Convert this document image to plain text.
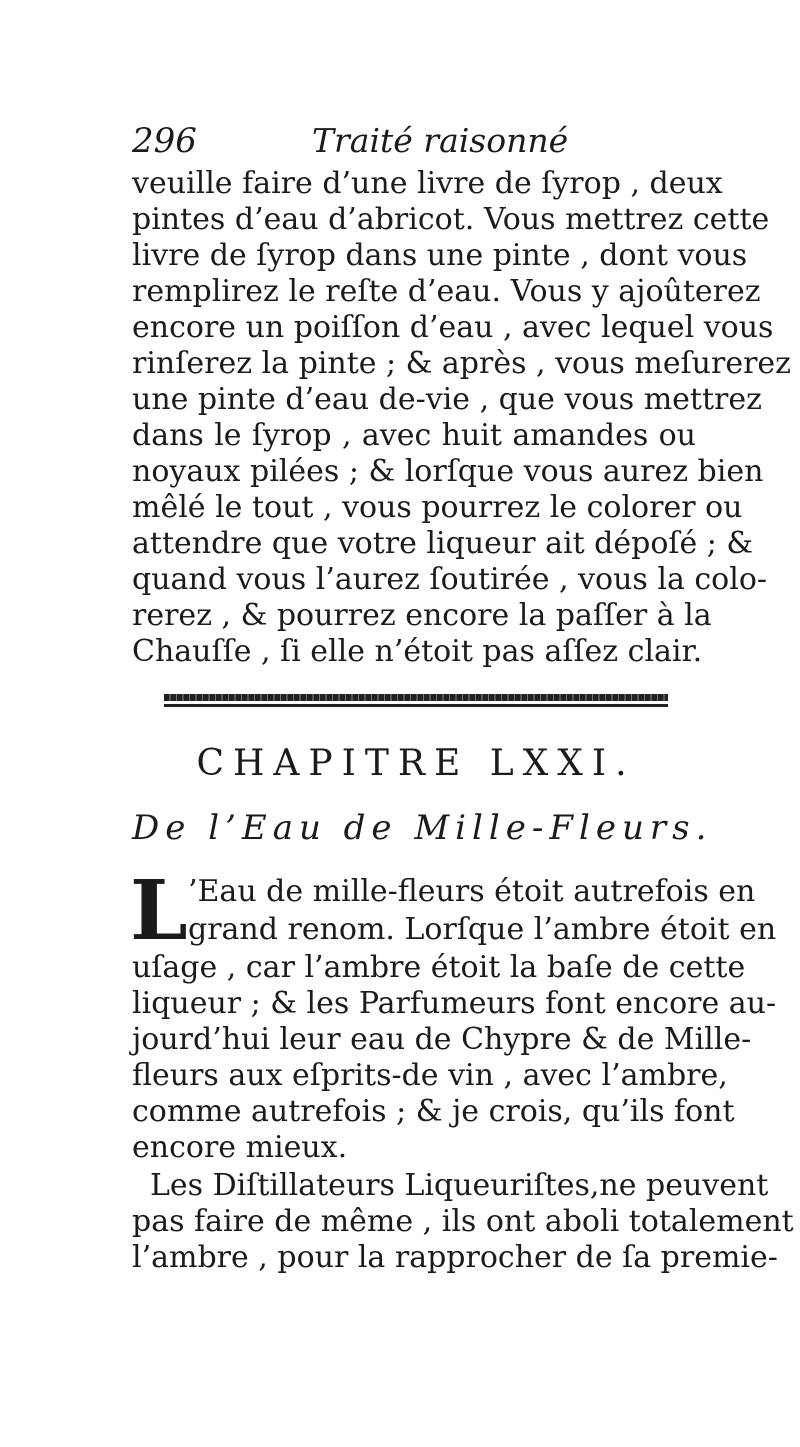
296	Traité raisonné
veuille faire d’une livre de ſyrop , deux
pintes d’eau d’abricot. Vous mettrez cette
livre de ſyrop dans une pinte , dont vous
remplirez le reſte d’eau. Vous y ajoûterez
encore un poiſſon d’eau , avec lequel vous
rinſerez la pinte ; & après , vous meſurerez
une pinte d’eau de-vie , que vous mettrez
dans le ſyrop , avec huit amandes ou
noyaux pilées ; & lorſque vous aurez bien
mêlé le tout , vous pourrez le colorer ou
attendre que votre liqueur ait dépoſé ; &
quand vous l’aurez ſoutirée , vous la colo-
rerez , & pourrez encore la paſſer à la
Chauſſe , ſi elle n’étoit pas aſſez clair.
CHAPITRE LXXI.
De l’Eau de Mille-Fleurs.
L ’Eau de mille-fleurs étoit autrefois en
grand renom. Lorſque l’ambre étoit en
uſage , car l’ambre étoit la baſe de cette
liqueur ; & les Parfumeurs font encore au-
jourd’hui leur eau de Chypre & de Mille-
fleurs aux eſprits-de vin , avec l’ambre,
comme autrefois ; & je crois, qu’ils font
encore mieux.
Les Diſtillateurs Liqueuriſtes,ne peuvent
pas faire de même , ils ont aboli totalement
l’ambre , pour la rapprocher de ſa premie-
